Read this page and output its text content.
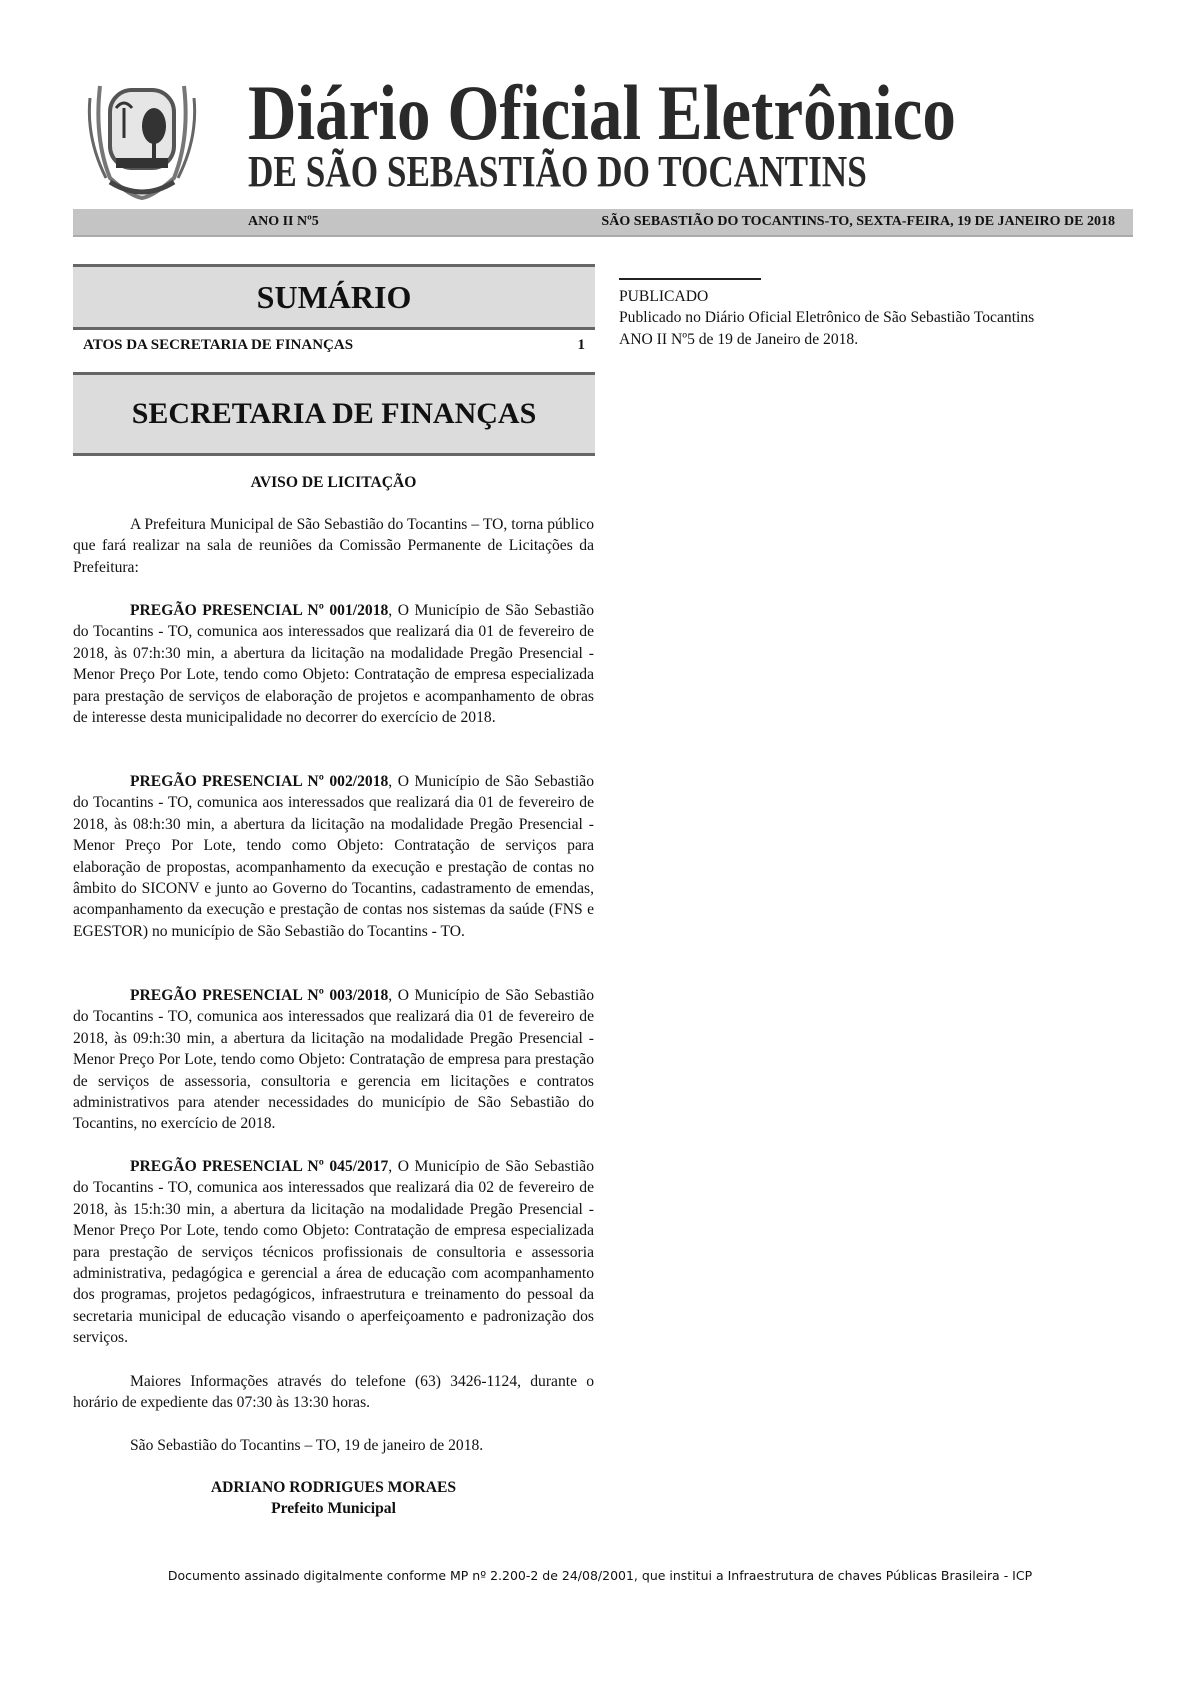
Diário Oficial Eletrônico
DE SÃO SEBASTIÃO DO TOCANTINS
ANO II Nº5	SÃO SEBASTIÃO DO TOCANTINS-TO, SEXTA-FEIRA, 19 DE JANEIRO DE 2018
SUMÁRIO
ATOS DA SECRETARIA DE FINANÇAS	1
SECRETARIA DE FINANÇAS
AVISO DE LICITAÇÃO
A Prefeitura Municipal de São Sebastião do Tocantins – TO, torna público que fará realizar na sala de reuniões da Comissão Permanente de Licitações da Prefeitura:
PREGÃO PRESENCIAL Nº 001/2018, O Município de São Sebastião do Tocantins - TO, comunica aos interessados que realizará dia 01 de fevereiro de 2018, às 07:h:30 min, a abertura da licitação na modalidade Pregão Presencial - Menor Preço Por Lote, tendo como Objeto: Contratação de empresa especializada para prestação de serviços de elaboração de projetos e acompanhamento de obras de interesse desta municipalidade no decorrer do exercício de 2018.
PREGÃO PRESENCIAL Nº 002/2018, O Município de São Sebastião do Tocantins - TO, comunica aos interessados que realizará dia 01 de fevereiro de 2018, às 08:h:30 min, a abertura da licitação na modalidade Pregão Presencial - Menor Preço Por Lote, tendo como Objeto: Contratação de serviços para elaboração de propostas, acompanhamento da execução e prestação de contas no âmbito do SICONV e junto ao Governo do Tocantins, cadastramento de emendas, acompanhamento da execução e prestação de contas nos sistemas da saúde (FNS e EGESTOR) no município de São Sebastião do Tocantins - TO.
PREGÃO PRESENCIAL Nº 003/2018, O Município de São Sebastião do Tocantins - TO, comunica aos interessados que realizará dia 01 de fevereiro de 2018, às 09:h:30 min, a abertura da licitação na modalidade Pregão Presencial - Menor Preço Por Lote, tendo como Objeto: Contratação de empresa para prestação de serviços de assessoria, consultoria e gerencia em licitações e contratos administrativos para atender necessidades do município de São Sebastião do Tocantins, no exercício de 2018.
PREGÃO PRESENCIAL Nº 045/2017, O Município de São Sebastião do Tocantins - TO, comunica aos interessados que realizará dia 02 de fevereiro de 2018, às 15:h:30 min, a abertura da licitação na modalidade Pregão Presencial - Menor Preço Por Lote, tendo como Objeto: Contratação de empresa especializada para prestação de serviços técnicos profissionais de consultoria e assessoria administrativa, pedagógica e gerencial a área de educação com acompanhamento dos programas, projetos pedagógicos, infraestrutura e treinamento do pessoal da secretaria municipal de educação visando o aperfeiçoamento e padronização dos serviços.
Maiores Informações através do telefone (63) 3426-1124, durante o horário de expediente das 07:30 às 13:30 horas.
São Sebastião do Tocantins – TO, 19 de janeiro de 2018.
ADRIANO RODRIGUES MORAES
Prefeito Municipal
PUBLICADO
Publicado no Diário Oficial Eletrônico de São Sebastião Tocantins
ANO II Nº5 de 19 de Janeiro de 2018.
Documento assinado digitalmente conforme MP nº 2.200-2 de 24/08/2001, que institui a Infraestrutura de chaves Públicas Brasileira - ICP
